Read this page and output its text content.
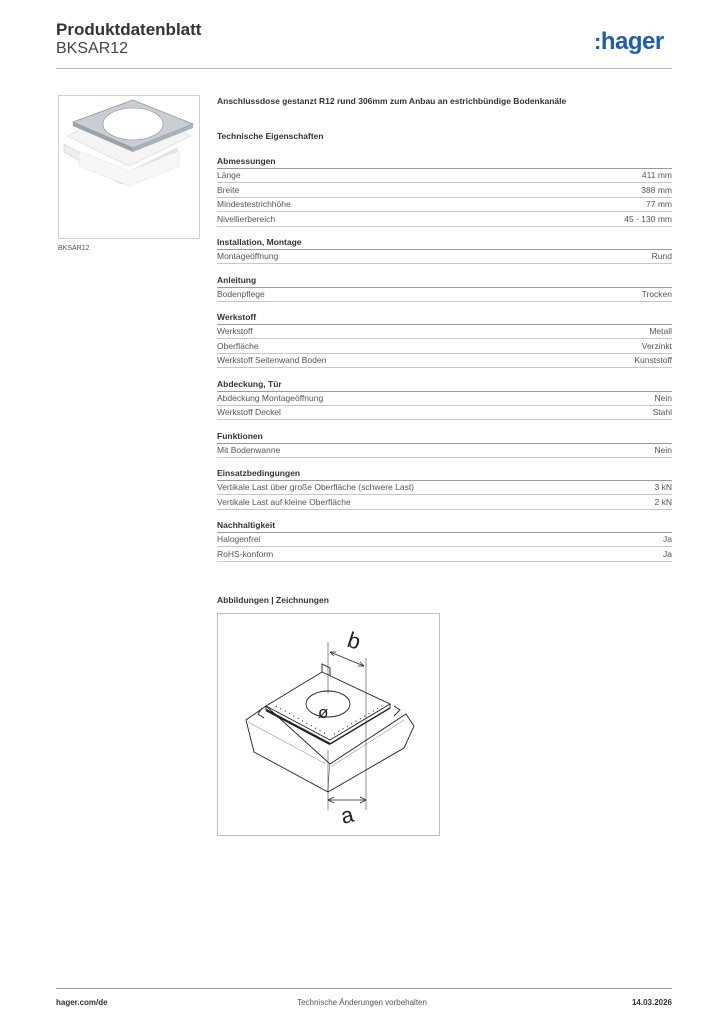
Produktdatenblatt
BKSAR12	:hager
BKSAR12
Anschlussdose gestanzt R12 rund 306mm zum Anbau an estrichbündige Bodenkanäle
Technische Eigenschaften
Abmessungen
Länge	411 mm
Breite	388 mm
Mindestestrichhöhe	77 mm
Nivellierbereich	45 - 130 mm
Installation, Montage
Montageöffnung	Rund
Anleitung
Bodenpflege	Trocken
Werkstoff
Werkstoff	Metall
Oberfläche	Verzinkt
Werkstoff Seitenwand Boden	Kunststoff
Abdeckung, Tür
Abdeckung Montageöffnung	Nein
Werkstoff Deckel	Stahl
Funktionen
Mit Bodenwanne	Nein
Einsatzbedingungen
Vertikale Last über große Oberfläche (schwere Last)	3 kN
Vertikale Last auf kleine Oberfläche	2 kN
Nachhaltigkeit
Halogenfrei	Ja
RoHS-konform	Ja
Abbildungen | Zeichnungen
b
ø
a
hager.com/de	Technische Änderungen vorbehalten	14.03.2026
